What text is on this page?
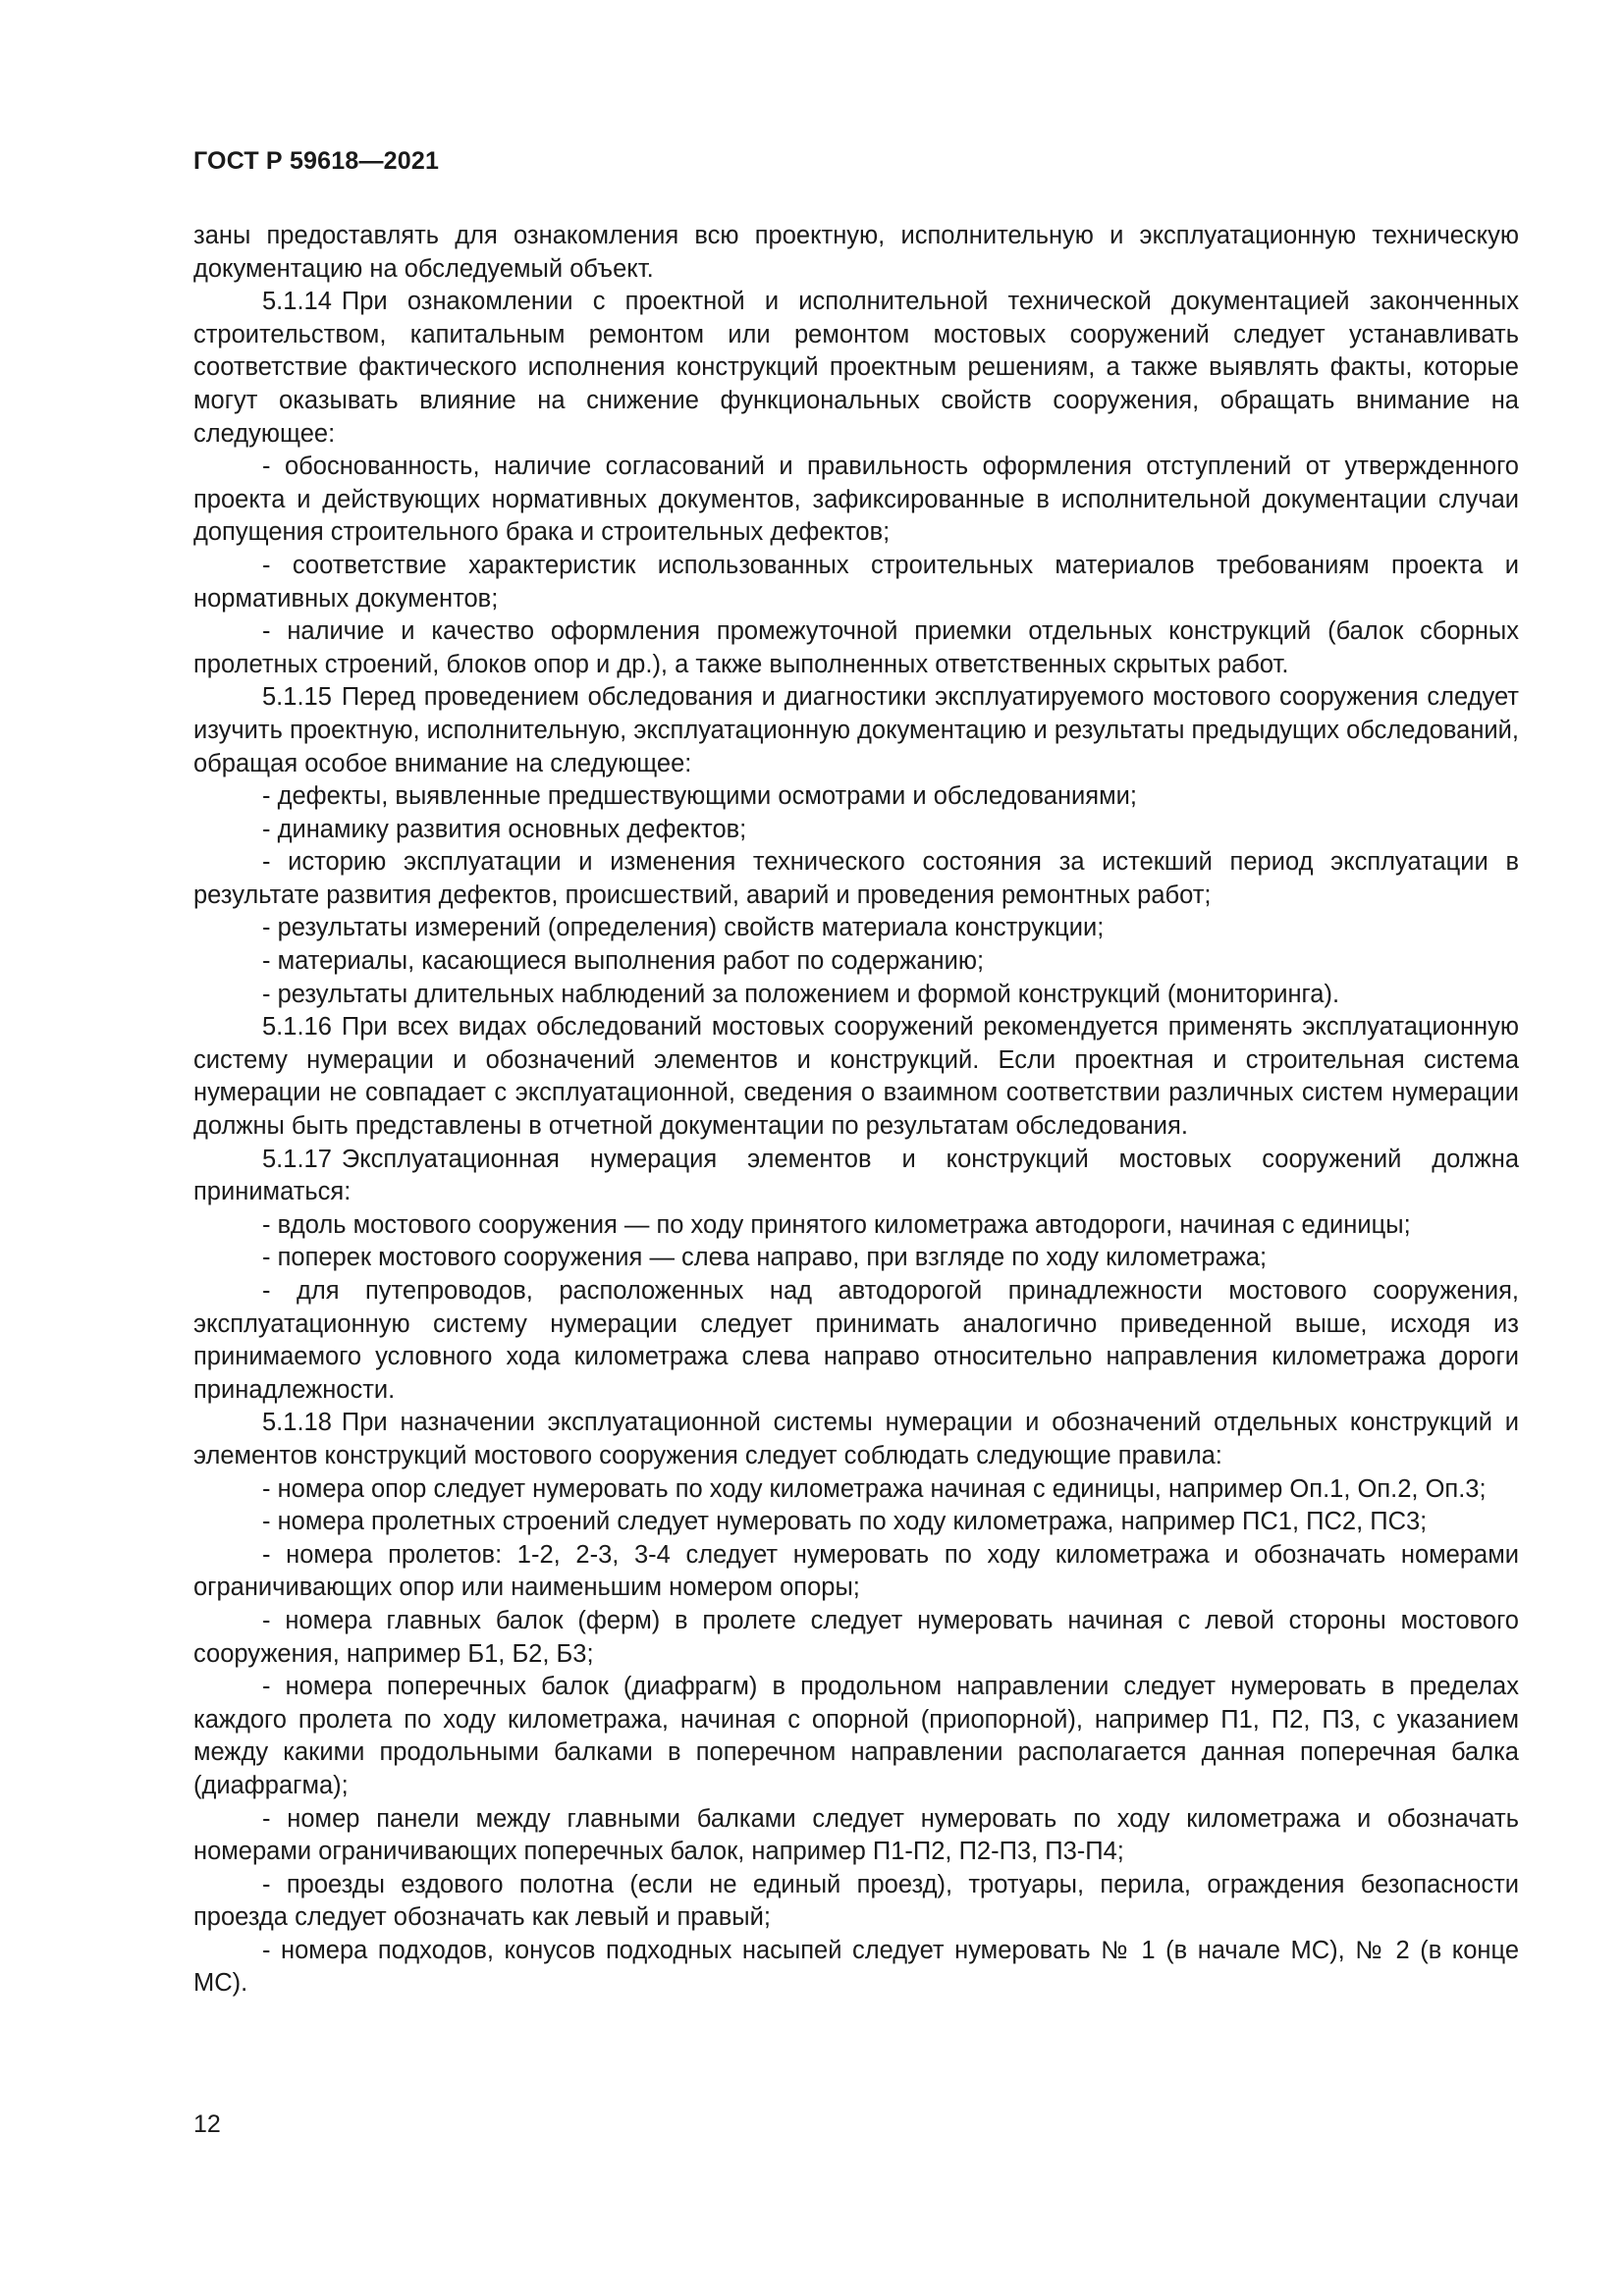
ГОСТ Р 59618—2021

заны предоставлять для ознакомления всю проектную, исполнительную и эксплуатационную техническую документацию на обследуемый объект.

5.1.14 При ознакомлении с проектной и исполнительной технической документацией законченных строительством, капитальным ремонтом или ремонтом мостовых сооружений следует устанавливать соответствие фактического исполнения конструкций проектным решениям, а также выявлять факты, которые могут оказывать влияние на снижение функциональных свойств сооружения, обращать внимание на следующее:

- обоснованность, наличие согласований и правильность оформления отступлений от утвержденного проекта и действующих нормативных документов, зафиксированные в исполнительной документации случаи допущения строительного брака и строительных дефектов;

- соответствие характеристик использованных строительных материалов требованиям проекта и нормативных документов;

- наличие и качество оформления промежуточной приемки отдельных конструкций (балок сборных пролетных строений, блоков опор и др.), а также выполненных ответственных скрытых работ.

5.1.15 Перед проведением обследования и диагностики эксплуатируемого мостового сооружения следует изучить проектную, исполнительную, эксплуатационную документацию и результаты предыдущих обследований, обращая особое внимание на следующее:

- дефекты, выявленные предшествующими осмотрами и обследованиями;

- динамику развития основных дефектов;

- историю эксплуатации и изменения технического состояния за истекший период эксплуатации в результате развития дефектов, происшествий, аварий и проведения ремонтных работ;

- результаты измерений (определения) свойств материала конструкции;

- материалы, касающиеся выполнения работ по содержанию;

- результаты длительных наблюдений за положением и формой конструкций (мониторинга).

5.1.16 При всех видах обследований мостовых сооружений рекомендуется применять эксплуатационную систему нумерации и обозначений элементов и конструкций. Если проектная и строительная система нумерации не совпадает с эксплуатационной, сведения о взаимном соответствии различных систем нумерации должны быть представлены в отчетной документации по результатам обследования.

5.1.17 Эксплуатационная нумерация элементов и конструкций мостовых сооружений должна приниматься:

- вдоль мостового сооружения — по ходу принятого километража автодороги, начиная с единицы;

- поперек мостового сооружения — слева направо, при взгляде по ходу километража;

- для путепроводов, расположенных над автодорогой принадлежности мостового сооружения, эксплуатационную систему нумерации следует принимать аналогично приведенной выше, исходя из принимаемого условного хода километража слева направо относительно направления километража дороги принадлежности.

5.1.18 При назначении эксплуатационной системы нумерации и обозначений отдельных конструкций и элементов конструкций мостового сооружения следует соблюдать следующие правила:

- номера опор следует нумеровать по ходу километража начиная с единицы, например Оп.1, Оп.2, Оп.3;

- номера пролетных строений следует нумеровать по ходу километража, например ПС1, ПС2, ПС3;

- номера пролетов: 1-2, 2-3, 3-4 следует нумеровать по ходу километража и обозначать номерами ограничивающих опор или наименьшим номером опоры;

- номера главных балок (ферм) в пролете следует нумеровать начиная с левой стороны мостового сооружения, например Б1, Б2, Б3;

- номера поперечных балок (диафрагм) в продольном направлении следует нумеровать в пределах каждого пролета по ходу километража, начиная с опорной (приопорной), например П1, П2, П3, с указанием между какими продольными балками в поперечном направлении располагается данная поперечная балка (диафрагма);

- номер панели между главными балками следует нумеровать по ходу километража и обозначать номерами ограничивающих поперечных балок, например П1-П2, П2-П3, П3-П4;

- проезды ездового полотна (если не единый проезд), тротуары, перила, ограждения безопасности проезда следует обозначать как левый и правый;

- номера подходов, конусов подходных насыпей следует нумеровать № 1 (в начале МС), № 2 (в конце МС).

12
